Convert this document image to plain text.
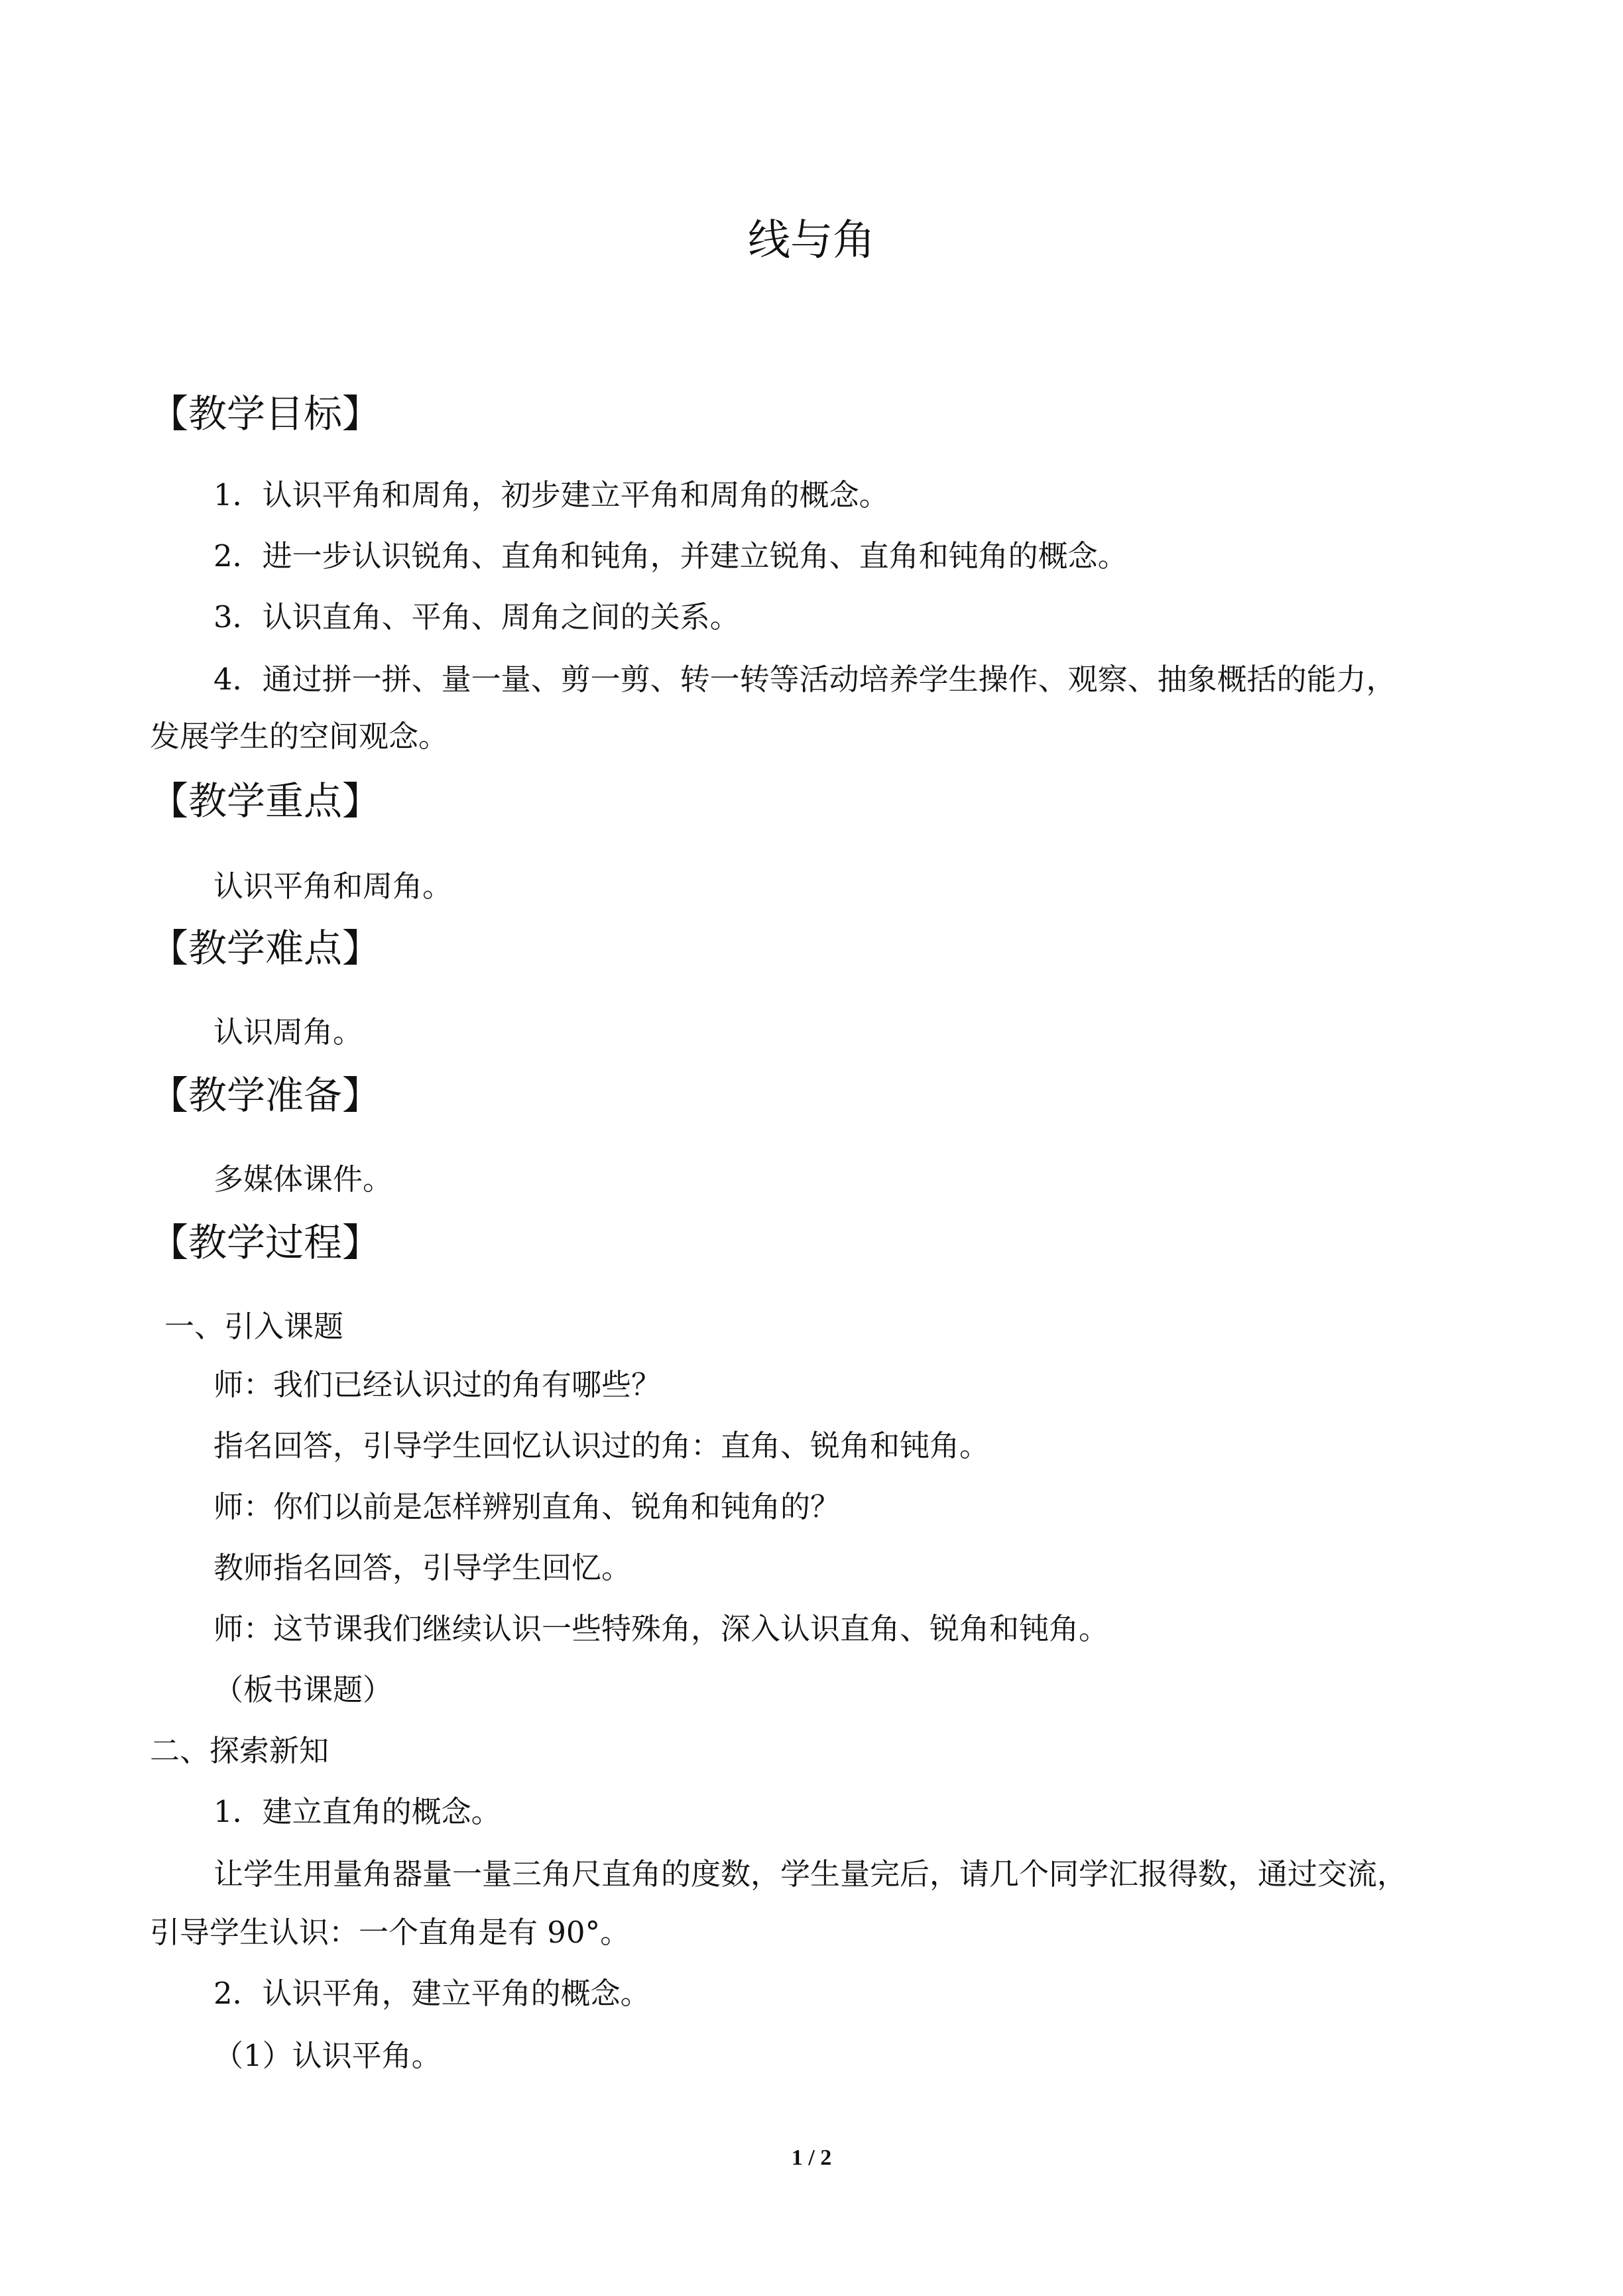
线与角
【教学目标】
1．认识平角和周角，初步建立平角和周角的概念。
2．进一步认识锐角、直角和钝角，并建立锐角、直角和钝角的概念。
3．认识直角、平角、周角之间的关系。
4．通过拼一拼、量一量、剪一剪、转一转等活动培养学生操作、观察、抽象概括的能力，
发展学生的空间观念。
【教学重点】
认识平角和周角。
【教学难点】
认识周角。
【教学准备】
多媒体课件。
【教学过程】
一、引入课题
师：我们已经认识过的角有哪些？
指名回答，引导学生回忆认识过的角：直角、锐角和钝角。
师：你们以前是怎样辨别直角、锐角和钝角的？
教师指名回答，引导学生回忆。
师：这节课我们继续认识一些特殊角，深入认识直角、锐角和钝角。
（板书课题）
二、探索新知
1．建立直角的概念。
让学生用量角器量一量三角尺直角的度数，学生量完后，请几个同学汇报得数，通过交流，
引导学生认识：一个直角是有 90°。
2．认识平角，建立平角的概念。
（1）认识平角。
1 / 2
